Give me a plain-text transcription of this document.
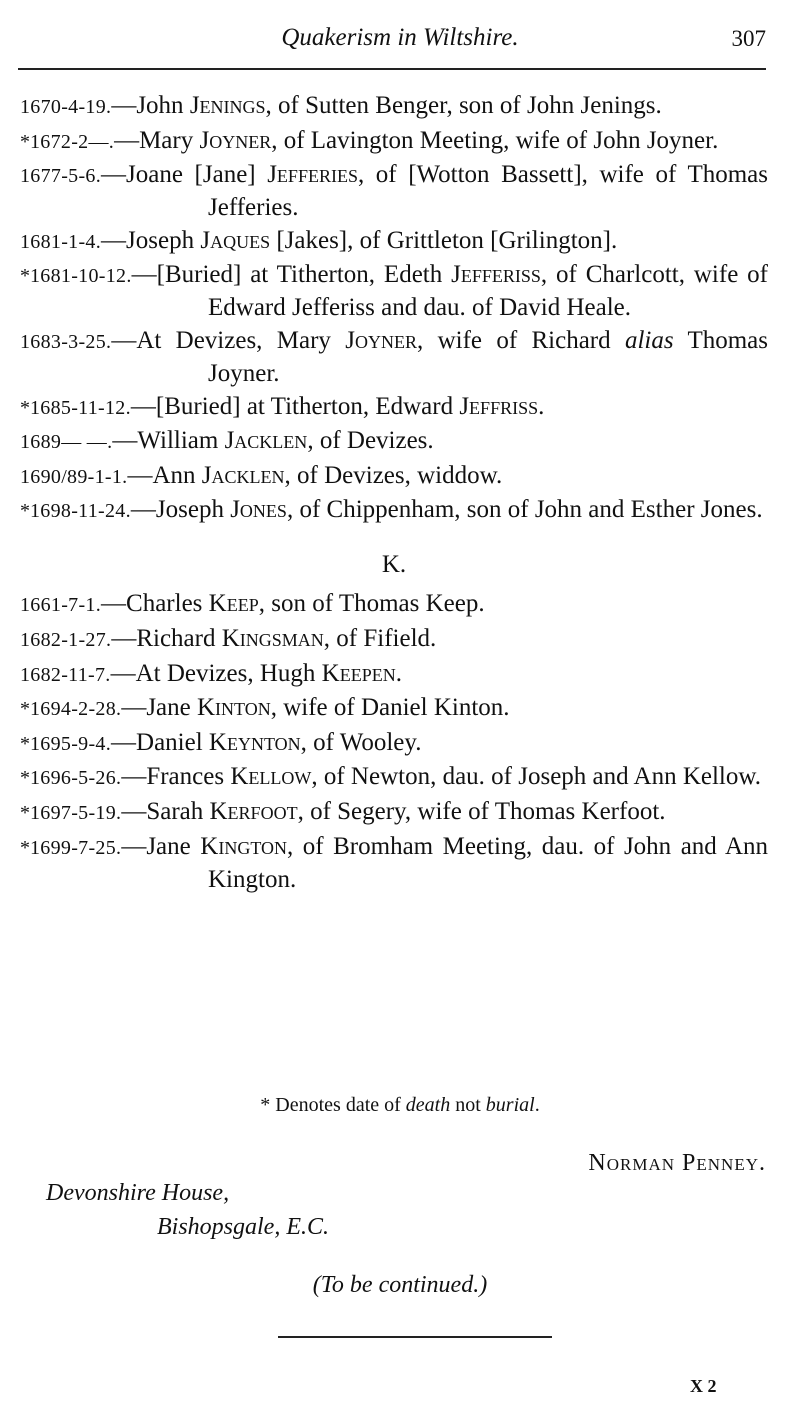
Quakerism in Wiltshire.	307
1670-4-19.—John Jenings, of Sutten Benger, son of John Jenings.
*1672-2—.—Mary Joyner, of Lavington Meeting, wife of John Joyner.
1677-5-6.—Joane [Jane] Jefferies, of [Wotton Bassett], wife of Thomas Jefferies.
1681-1-4.—Joseph Jaques [Jakes], of Grittleton [Grilington].
*1681-10-12.—[Buried] at Titherton, Edeth Jefferiss, of Charlcott, wife of Edward Jefferiss and dau. of David Heale.
1683-3-25.—At Devizes, Mary Joyner, wife of Richard alias Thomas Joyner.
*1685-11-12.—[Buried] at Titherton, Edward Jeffriss.
1689— —.—William Jacklen, of Devizes.
1690/89-1-1.—Ann Jacklen, of Devizes, widdow.
*1698-11-24.—Joseph Jones, of Chippenham, son of John and Esther Jones.
K.
1661-7-1.—Charles Keep, son of Thomas Keep.
1682-1-27.—Richard Kingsman, of Fifield.
1682-11-7.—At Devizes, Hugh Keepen.
*1694-2-28.—Jane Kinton, wife of Daniel Kinton.
*1695-9-4.—Daniel Keynton, of Wooley.
*1696-5-26.—Frances Kellow, of Newton, dau. of Joseph and Ann Kellow.
*1697-5-19.—Sarah Kerfoot, of Segery, wife of Thomas Kerfoot.
*1699-7-25.—Jane Kington, of Bromham Meeting, dau. of John and Ann Kington.
* Denotes date of death not burial.
Norman Penney.
Devonshire House,
Bishopsgale, E.C.
(To be continued.)
X 2
